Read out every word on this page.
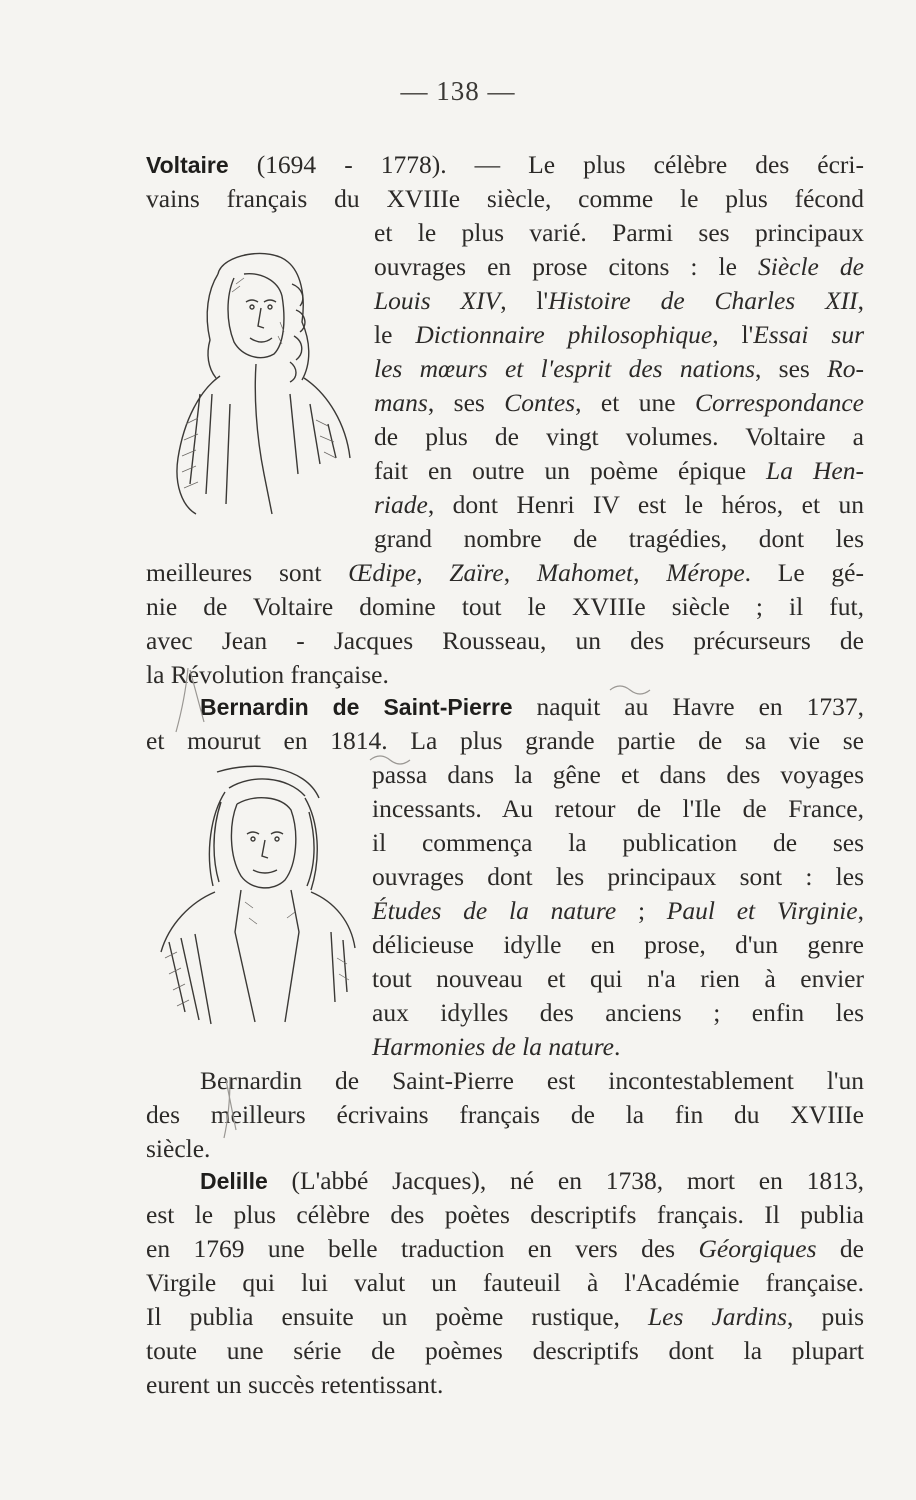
— 138 —
Voltaire (1694 - 1778). — Le plus célèbre des écri-
vains français du XVIIIe siècle, comme le plus fécond
et le plus varié. Parmi ses principaux
ouvrages en prose citons : le Siècle de
Louis XIV, l'Histoire de Charles XII,
le Dictionnaire philosophique, l'Essai sur
les mœurs et l'esprit des nations, ses Ro-
mans, ses Contes, et une Correspondance
de plus de vingt volumes. Voltaire a
fait en outre un poème épique La Hen-
riade, dont Henri IV est le héros, et un
grand nombre de tragédies, dont les
meilleures sont Œdipe, Zaïre, Mahomet, Mérope. Le gé-
nie de Voltaire domine tout le XVIIIe siècle ; il fut,
avec Jean - Jacques Rousseau, un des précurseurs de
la Révolution française.
Bernardin de Saint-Pierre naquit au Havre en 1737,
et mourut en 1814. La plus grande partie de sa vie se
passa dans la gêne et dans des voyages
incessants. Au retour de l'Ile de France,
il commença la publication de ses
ouvrages dont les principaux sont : les
Études de la nature ; Paul et Virginie,
délicieuse idylle en prose, d'un genre
tout nouveau et qui n'a rien à envier
aux idylles des anciens ; enfin les
Harmonies de la nature.
Bernardin de Saint-Pierre est incontestablement l'un
des meilleurs écrivains français de la fin du XVIIIe
siècle.
Delille (L'abbé Jacques), né en 1738, mort en 1813,
est le plus célèbre des poètes descriptifs français. Il publia
en 1769 une belle traduction en vers des Géorgiques de
Virgile qui lui valut un fauteuil à l'Académie française.
Il publia ensuite un poème rustique, Les Jardins, puis
toute une série de poèmes descriptifs dont la plupart
eurent un succès retentissant.
